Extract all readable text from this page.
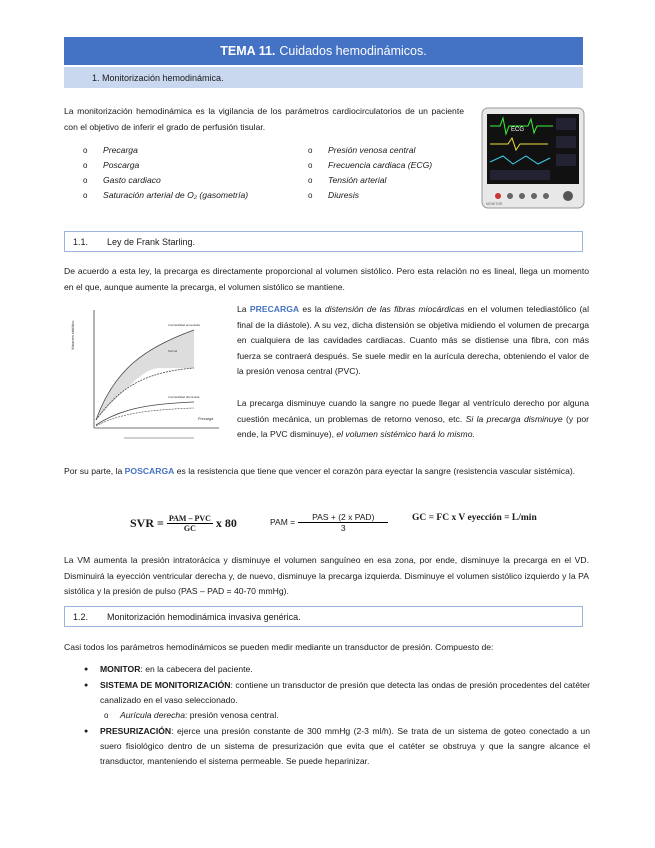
TEMA 11. Cuidados hemodinámicos.
1. Monitorización hemodinámica.
La monitorización hemodinámica es la vigilancia de los parámetros cardiocirculatorios de un paciente con el objetivo de inferir el grado de perfusión tisular.
o Precarga
o Poscarga
o Gasto cardiaco
o Saturación arterial de O₂ (gasometría)
o Presión venosa central
o Frecuencia cardiaca (ECG)
o Tensión arterial
o Diuresis
ECG
MONITOR
1.1.	Ley de Frank Starling.
De acuerdo a esta ley, la precarga es directamente proporcional al volumen sistólico. Pero esta relación no es lineal, llega un momento en el que, aunque aumente la precarga, el volumen sistólico se mantiene.
Volumen sistólico
Precarga
Contractilidad aumentada
Normal
Contractilidad disminuida
La PRECARGA es la distensión de las fibras miocárdicas en el volumen telediastólico (al final de la diástole). A su vez, dicha distensión se objetiva midiendo el volumen de precarga en cualquiera de las cavidades cardiacas. Cuanto más se distiense una fibra, con más fuerza se contraerá después. Se suele medir en la aurícula derecha, obteniendo el valor de la presión venosa central (PVC).
La precarga disminuye cuando la sangre no puede llegar al ventrículo derecho por alguna cuestión mecánica, un problemas de retorno venoso, etc. Si la precarga disminuye (y por ende, la PVC disminuye), el volumen sistémico hará lo mismo.
Por su parte, la POSCARGA es la resistencia que tiene que vencer el corazón para eyectar la sangre (resistencia vascular sistémica).
SVR = $\frac{\text{PAM – PVC}}{GC}$ x 80	PAM = $\frac{\text{PAS + (2 x PAD)}}{3}$ GC = FC x V eyección = L/min
La VM aumenta la presión intratorácica y disminuye el volumen sanguíneo en esa zona, por ende, disminuye la precarga en el VD. Disminuirá la eyección ventricular derecha y, de nuevo, disminuye la precarga izquierda. Disminuye el volumen sistólico izquierdo y la PA sistólica y la presión de pulso (PAS – PAD = 40-70 mmHg).
1.2.	Monitorización hemodinámica invasiva genérica.
Casi todos los parámetros hemodinámicos se pueden medir mediante un transductor de presión. Compuesto de:
● MONITOR: en la cabecera del paciente.
● SISTEMA DE MONITORIZACIÓN: contiene un transductor de presión que detecta las ondas de presión procedentes del catéter canalizado en el vaso seleccionado.
o Aurícula derecha: presión venosa central.
● PRESURIZACIÓN: ejerce una presión constante de 300 mmHg (2-3 ml/h). Se trata de un sistema de goteo conectado a un suero fisiológico dentro de un sistema de presurización que evita que el catéter se obstruya y que la sangre alcance el transductor, manteniendo el sistema permeable. Se puede heparinizar.
